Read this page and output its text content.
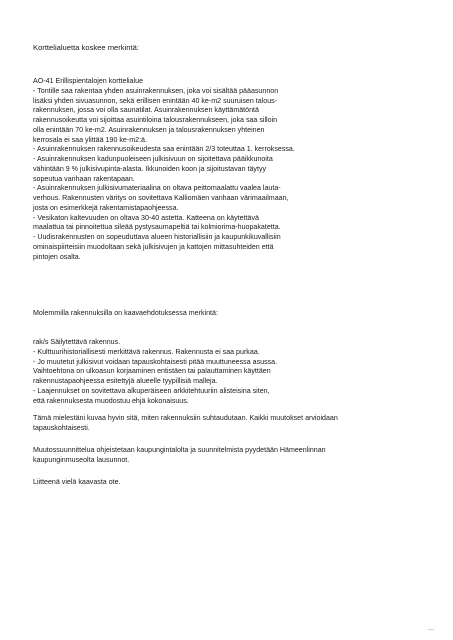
Korttelialuetta koskee merkintä:
AO-41 Erillispientalojen korttelialue
- Tontille saa rakentaa yhden asuinrakennuksen, joka voi sisältää pääasunnon
lisäksi yhden sivuasunnon, sekä erillisen enintään 40 ke-m2 suuruisen talous-
rakennuksen, jossa voi olla saunatilat. Asuinrakennuksen käyttämätöntä
rakennusoikeutta voi sijoittaa asuintiloina talousrakennukseen, joka saa silloin
olla enintään 70 ke-m2. Asuinrakennuksen ja talousrakennuksen yhteinen
kerrosala ei saa ylittää 190 ke-m2:ä.
- Asuinrakennuksen rakennusoikeudesta saa enintään 2/3 toteuttaa 1. kerroksessa.
- Asuinrakennuksen kadunpuoleiseen julkisivuun on sijoitettava pääikkunoita
vähintään 9 % julkisivupinta-alasta. Ikkunoiden koon ja sijoitustavan täytyy
sopeutua vanhaan rakentapaan.
- Asuinrakennuksen julkisivumateriaalina on oltava peittomaalattu vaalea lauta-
verhous. Rakennusten väritys on sovitettava Kalliomäen vanhaan värimaailmaan,
josta on esimerkkejä rakentamistapaohjeessa.
- Vesikaton kaltevuuden on oltava 30-40 astetta. Katteena on käytettävä
maalattua tai pinnoitettua sileää pystysaumapeltiä tai kolmiorima-huopakatetta.
- Uudisrakennusten on sopeuduttava alueen historiallisiin ja kaupunkikuvallisiin
ominaispiirteisiin muodoltaan sekä julkisivujen ja kattojen mittasuhteiden että
pintojen osalta.
Molemmilla rakennuksilla on kaavaehdotuksessa merkintä:
rak/s Säilytettävä rakennus.
- Kulttuurihistoriallisesti merkittävä rakennus. Rakennusta ei saa purkaa.
- Jo muutetut julkisivut voidaan tapauskohtaisesti pitää muuttuneessa asussa.
Vaihtoehtona on ulkoasun korjaaminen entistäen tai palauttaminen käyttäen
rakennustapaohjeessa esitettyjä alueelle tyypillisiä malleja.
- Laajennukset on sovitettava alkuperäiseen arkkitehtuuriin alisteisina siten,
että rakennuksesta muodostuu ehjä kokonaisuus.
Tämä mielestäni kuvaa hyvin sitä, miten rakennuksiin suhtaudutaan. Kaikki muutokset arvioidaan
tapauskohtaisesti.
Muutossuunnittelua ohjeistetaan kaupungintalolta ja suunnitelmista pyydetään Hämeenlinnan
kaupunginmuseolta lausunnot.
Liitteenä vielä kaavasta ote.
